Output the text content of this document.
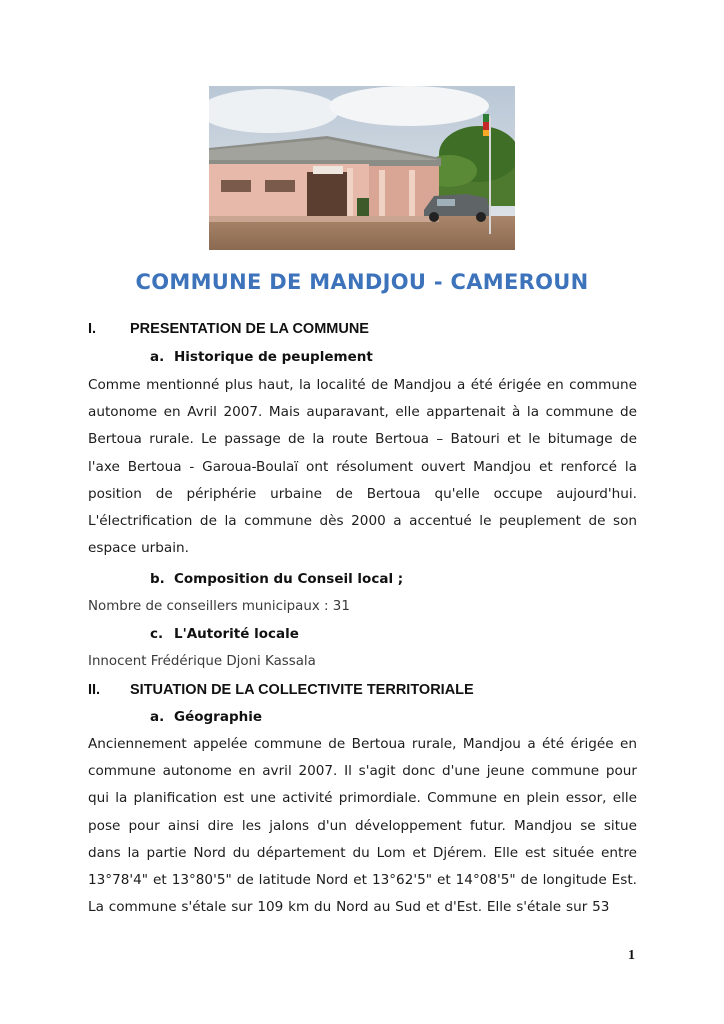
COMMUNE DE MANDJOU - CAMEROUN
I. PRESENTATION DE LA COMMUNE
a. Historique de peuplement

Comme mentionné plus haut, la localité de Mandjou a été érigée en commune autonome en Avril 2007. Mais auparavant, elle appartenait à la commune de Bertoua rurale. Le passage de la route Bertoua – Batouri et le bitumage de l'axe Bertoua - Garoua-Boulaï ont résolument ouvert Mandjou et renforcé la position de périphérie urbaine de Bertoua qu'elle occupe aujourd'hui. L'électrification de la commune dès 2000 a accentué le peuplement de son espace urbain.

b. Composition du Conseil local ;
Nombre de conseillers municipaux : 31
c. L'Autorité locale
Innocent Frédérique Djoni Kassala
II. SITUATION DE LA COLLECTIVITE TERRITORIALE
a. Géographie

Anciennement appelée commune de Bertoua rurale, Mandjou a été érigée en commune autonome en avril 2007. Il s'agit donc d'une jeune commune pour qui la planification est une activité primordiale. Commune en plein essor, elle pose pour ainsi dire les jalons d'un développement futur. Mandjou se situe dans la partie Nord du département du Lom et Djérem. Elle est située entre 13°78'4" et 13°80'5" de latitude Nord et 13°62'5" et 14°08'5" de longitude Est. La commune s'étale sur 109 km du Nord au Sud et d'Est. Elle s'étale sur 53

1
